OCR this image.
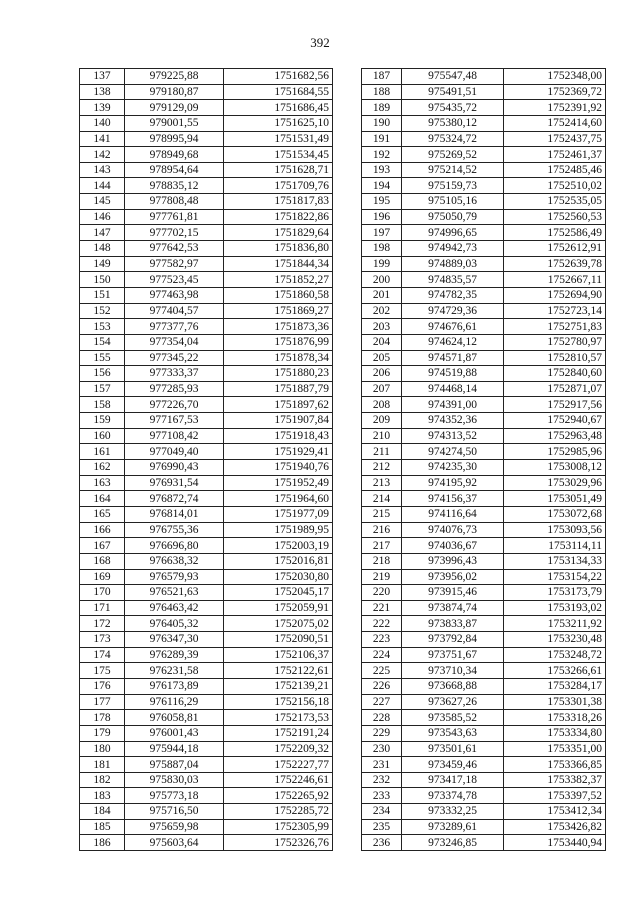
392
137	979225,88	1751682,56
138	979180,87	1751684,55
139	979129,09	1751686,45
140	979001,55	1751625,10
141	978995,94	1751531,49
142	978949,68	1751534,45
143	978954,64	1751628,71
144	978835,12	1751709,76
145	977808,48	1751817,83
146	977761,81	1751822,86
147	977702,15	1751829,64
148	977642,53	1751836,80
149	977582,97	1751844,34
150	977523,45	1751852,27
151	977463,98	1751860,58
152	977404,57	1751869,27
153	977377,76	1751873,36
154	977354,04	1751876,99
155	977345,22	1751878,34
156	977333,37	1751880,23
157	977285,93	1751887,79
158	977226,70	1751897,62
159	977167,53	1751907,84
160	977108,42	1751918,43
161	977049,40	1751929,41
162	976990,43	1751940,76
163	976931,54	1751952,49
164	976872,74	1751964,60
165	976814,01	1751977,09
166	976755,36	1751989,95
167	976696,80	1752003,19
168	976638,32	1752016,81
169	976579,93	1752030,80
170	976521,63	1752045,17
171	976463,42	1752059,91
172	976405,32	1752075,02
173	976347,30	1752090,51
174	976289,39	1752106,37
175	976231,58	1752122,61
176	976173,89	1752139,21
177	976116,29	1752156,18
178	976058,81	1752173,53
179	976001,43	1752191,24
180	975944,18	1752209,32
181	975887,04	1752227,77
182	975830,03	1752246,61
183	975773,18	1752265,92
184	975716,50	1752285,72
185	975659,98	1752305,99
186	975603,64	1752326,76
187	975547,48	1752348,00
188	975491,51	1752369,72
189	975435,72	1752391,92
190	975380,12	1752414,60
191	975324,72	1752437,75
192	975269,52	1752461,37
193	975214,52	1752485,46
194	975159,73	1752510,02
195	975105,16	1752535,05
196	975050,79	1752560,53
197	974996,65	1752586,49
198	974942,73	1752612,91
199	974889,03	1752639,78
200	974835,57	1752667,11
201	974782,35	1752694,90
202	974729,36	1752723,14
203	974676,61	1752751,83
204	974624,12	1752780,97
205	974571,87	1752810,57
206	974519,88	1752840,60
207	974468,14	1752871,07
208	974391,00	1752917,56
209	974352,36	1752940,67
210	974313,52	1752963,48
211	974274,50	1752985,96
212	974235,30	1753008,12
213	974195,92	1753029,96
214	974156,37	1753051,49
215	974116,64	1753072,68
216	974076,73	1753093,56
217	974036,67	1753114,11
218	973996,43	1753134,33
219	973956,02	1753154,22
220	973915,46	1753173,79
221	973874,74	1753193,02
222	973833,87	1753211,92
223	973792,84	1753230,48
224	973751,67	1753248,72
225	973710,34	1753266,61
226	973668,88	1753284,17
227	973627,26	1753301,38
228	973585,52	1753318,26
229	973543,63	1753334,80
230	973501,61	1753351,00
231	973459,46	1753366,85
232	973417,18	1753382,37
233	973374,78	1753397,52
234	973332,25	1753412,34
235	973289,61	1753426,82
236	973246,85	1753440,94
